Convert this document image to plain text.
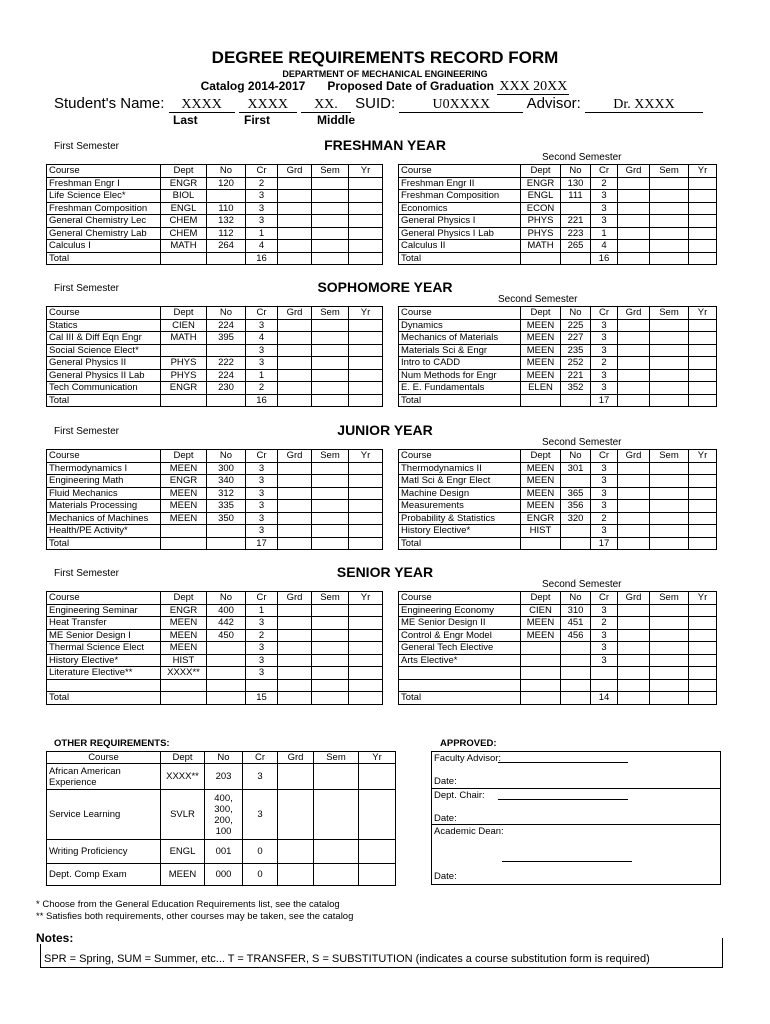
DEGREE REQUIREMENTS RECORD FORM
DEPARTMENT OF MECHANICAL ENGINEERING
Catalog 2014-2017 Proposed Date of Graduation XXX 20XX
Student's Name: XXXX XXXX XX. SUID:	U0XXXX Advisor: Dr. XXXX
Last	First	Middle
FRESHMAN YEAR
First Semester
Second Semester
Course	Dept	No	Cr	Grd	Sem	Yr
Freshman Engr I	ENGR	120	2			
Life Science Elec*	BIOL		3			
Freshman Composition	ENGL	110	3			
General Chemistry Lec	CHEM	132	3			
General Chemistry Lab	CHEM	112	1			
Calculus I	MATH	264	4			
Total			16			
Course	Dept	No	Cr	Grd	Sem	Yr
Freshman Engr II	ENGR	130	2			
Freshman Composition	ENGL	111	3			
Economics	ECON		3			
General Physics I	PHYS	221	3			
General Physics I Lab	PHYS	223	1			
Calculus II	MATH	265	4			
Total			16			
SOPHOMORE YEAR
First Semester
Second Semester
Course	Dept	No	Cr	Grd	Sem	Yr
Statics	CIEN	224	3			
Cal III & Diff Eqn Engr	MATH	395	4			
Social Science Elect*			3			
General Physics II	PHYS	222	3			
General Physics II Lab	PHYS	224	1			
Tech Communication	ENGR	230	2			
Total			16			
Course	Dept	No	Cr	Grd	Sem	Yr
Dynamics	MEEN	225	3			
Mechanics of Materials	MEEN	227	3			
Materials Sci & Engr	MEEN	235	3			
Intro to CADD	MEEN	252	2			
Num Methods for Engr	MEEN	221	3			
E. E. Fundamentals	ELEN	352	3			
Total			17			
JUNIOR YEAR
First Semester
Second Semester
Course	Dept	No	Cr	Grd	Sem	Yr
Thermodynamics I	MEEN	300	3			
Engineering Math	ENGR	340	3			
Fluid Mechanics	MEEN	312	3			
Materials Processing	MEEN	335	3			
Mechanics of Machines	MEEN	350	3			
Health/PE Activity*			3			
Total			17			
Course	Dept	No	Cr	Grd	Sem	Yr
Thermodynamics II	MEEN	301	3			
Matl Sci & Engr Elect	MEEN		3			
Machine Design	MEEN	365	3			
Measurements	MEEN	356	3			
Probability & Statistics	ENGR	320	2			
History Elective*	HIST		3			
Total			17			
SENIOR YEAR
First Semester
Second Semester
Course	Dept	No	Cr	Grd	Sem	Yr
Engineering Seminar	ENGR	400	1			
Heat Transfer	MEEN	442	3			
ME Senior Design I	MEEN	450	2			
Thermal Science Elect	MEEN		3			
History Elective*	HIST		3			
Literature Elective**	XXXX**		3			

Total			15			
Course	Dept	No	Cr	Grd	Sem	Yr
Engineering Economy	CIEN	310	3			
ME Senior Design II	MEEN	451	2			
Control & Engr Model	MEEN	456	3			
General Tech Elective			3			
Arts Elective*			3			

Total			14			
OTHER REQUIREMENTS:
Course	Dept	No	Cr	Grd	Sem	Yr
African American Experience	XXXX**	203	3			
Service Learning	SVLR	400,
300,
200,
100	3			
Writing Proficiency	ENGL	001	0			
Dept. Comp Exam	MEEN	000	0			
APPROVED:
Faculty Advisor:
Date:
Dept. Chair:
Date:
Academic Dean:
Date:
* Choose from the General Education Requirements list, see the catalog
** Satisfies both requirements, other courses may be taken, see the catalog
Notes:
SPR = Spring, SUM = Summer, etc... T = TRANSFER, S = SUBSTITUTION (indicates a course substitution form is required)
